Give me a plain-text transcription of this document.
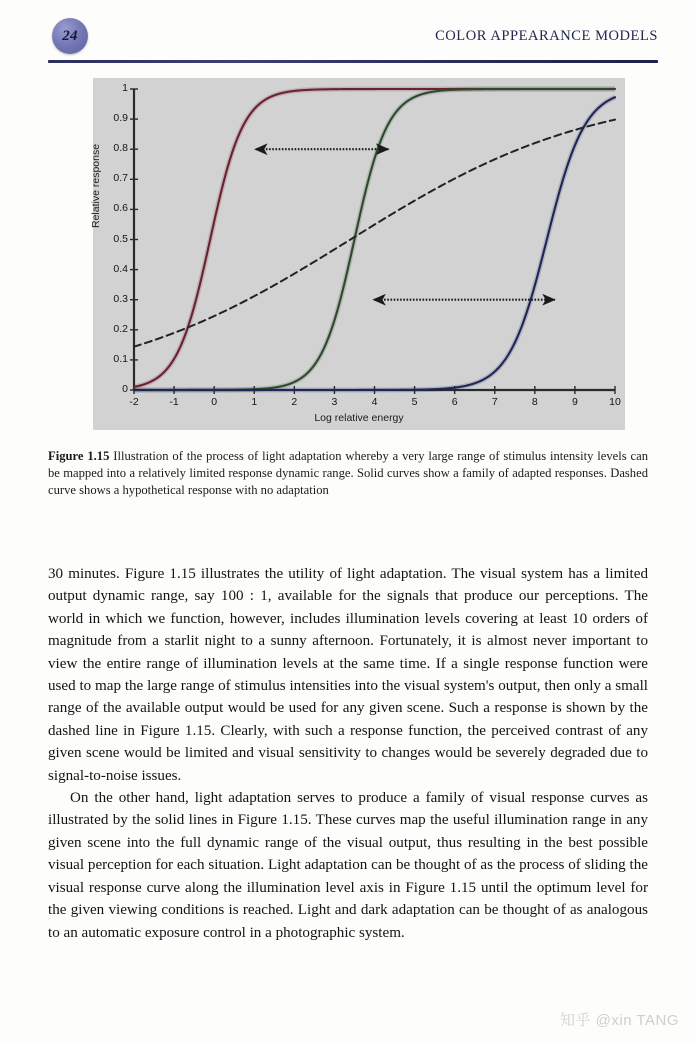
24	COLOR APPEARANCE MODELS
Relative response
Log relative energy
0
0.1
0.2
0.3
0.4
0.5
0.6
0.7
0.8
0.9
1
-2	-1	0	1	2	3	4	5	6	7	8	9	10
Figure 1.15 Illustration of the process of light adaptation whereby a very large range of stimulus intensity levels can be mapped into a relatively limited response dynamic range. Solid curves show a family of adapted responses. Dashed curve shows a hypothetical response with no adaptation

30 minutes. Figure 1.15 illustrates the utility of light adaptation. The visual system has a limited output dynamic range, say 100 : 1, available for the signals that produce our perceptions. The world in which we function, however, includes illumination levels covering at least 10 orders of magnitude from a starlit night to a sunny afternoon. Fortunately, it is almost never important to view the entire range of illumination levels at the same time. If a single response function were used to map the large range of stimulus intensities into the visual system's output, then only a small range of the available output would be used for any given scene. Such a response is shown by the dashed line in Figure 1.15. Clearly, with such a response function, the perceived contrast of any given scene would be limited and visual sensitivity to changes would be severely degraded due to signal-to-noise issues.

On the other hand, light adaptation serves to produce a family of visual response curves as illustrated by the solid lines in Figure 1.15. These curves map the useful illumination range in any given scene into the full dynamic range of the visual output, thus resulting in the best possible visual perception for each situation. Light adaptation can be thought of as the process of sliding the visual response curve along the illumination level axis in Figure 1.15 until the optimum level for the given viewing conditions is reached. Light and dark adaptation can be thought of as analogous to an automatic exposure control in a photographic system.

知乎 @xin TANG
